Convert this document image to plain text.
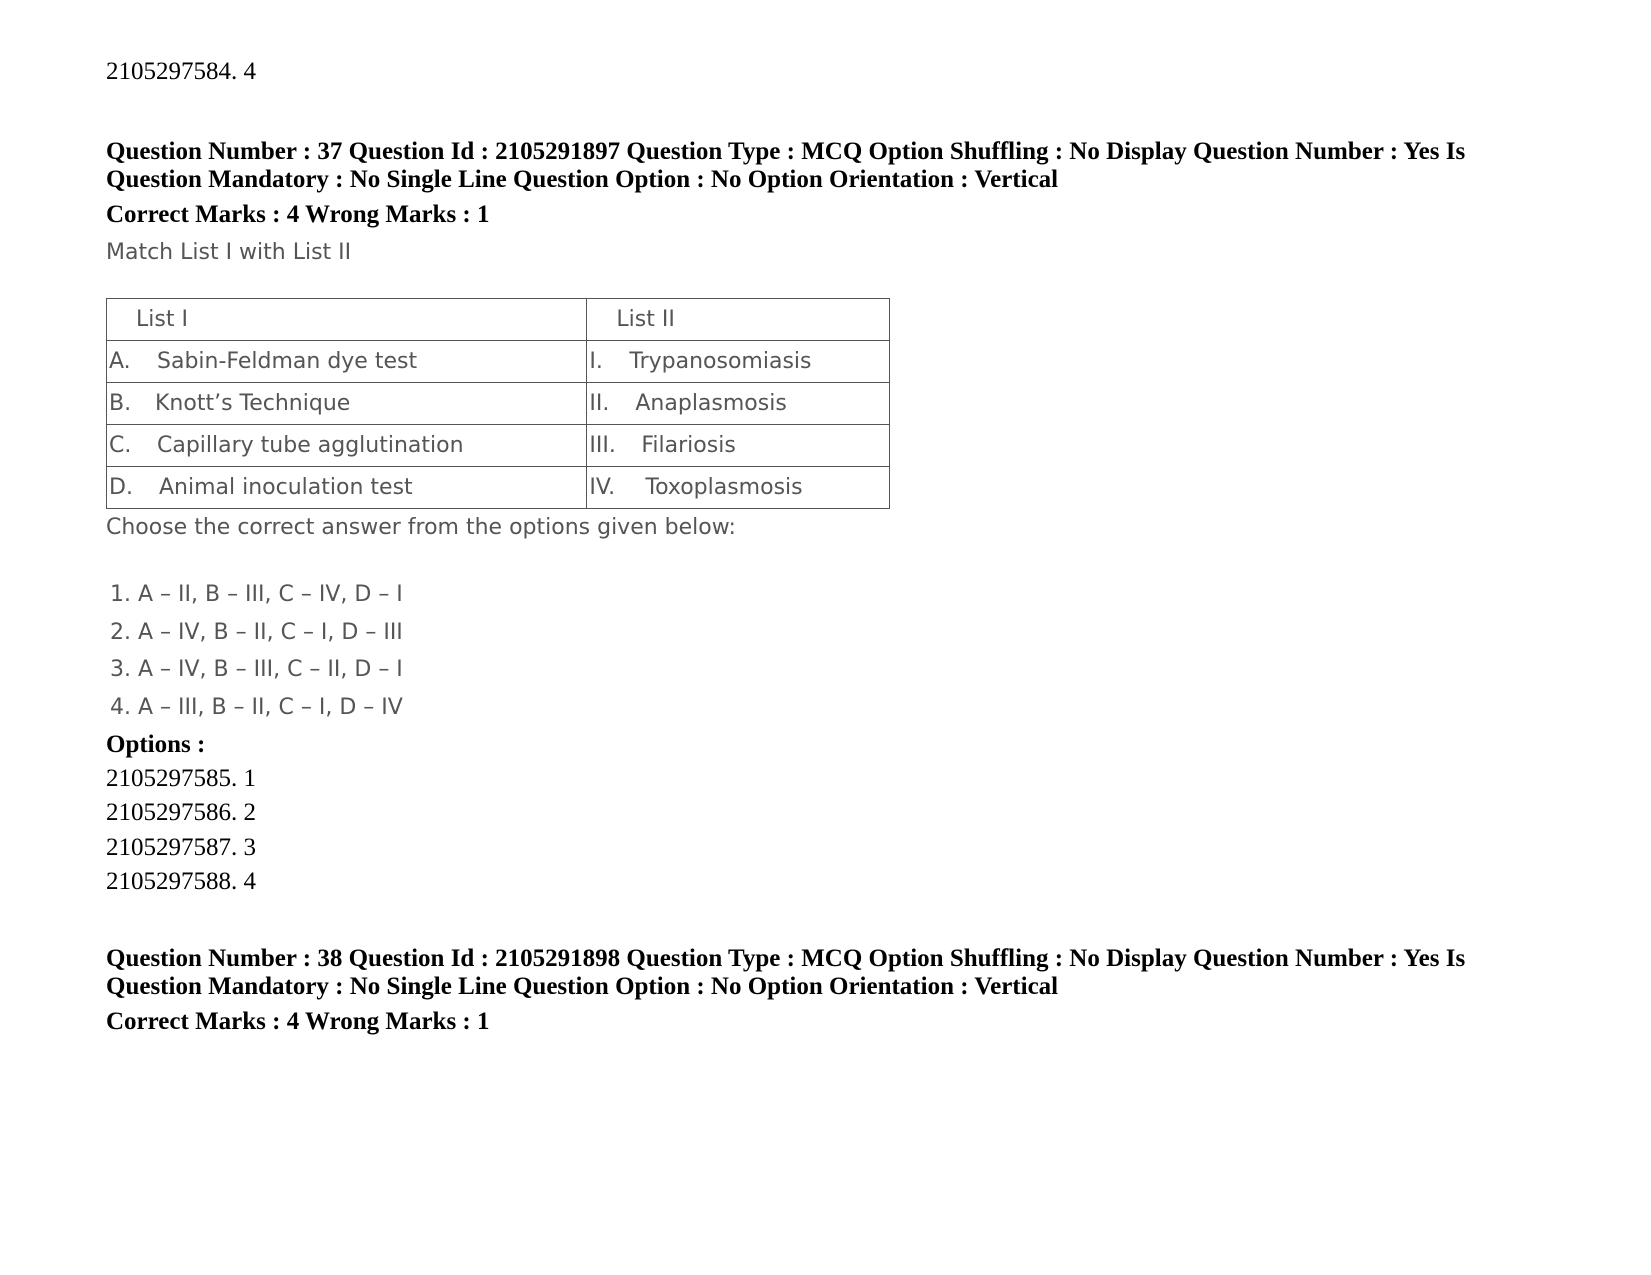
2105297584. 4
Question Number : 37 Question Id : 2105291897 Question Type : MCQ Option Shuffling : No Display Question Number : Yes Is
Question Mandatory : No Single Line Question Option : No Option Orientation : Vertical
Correct Marks : 4 Wrong Marks : 1
Match List I with List II
List I	List II
A. Sabin-Feldman dye test	I. Trypanosomiasis
B. Knott’s Technique	II. Anaplasmosis
C. Capillary tube agglutination	III. Filariosis
D. Animal inoculation test	IV. Toxoplasmosis
Choose the correct answer from the options given below:
1. A – II, B – III, C – IV, D – I
2. A – IV, B – II, C – I, D – III
3. A – IV, B – III, C – II, D – I
4. A – III, B – II, C – I, D – IV
Options :
2105297585. 1
2105297586. 2
2105297587. 3
2105297588. 4
Question Number : 38 Question Id : 2105291898 Question Type : MCQ Option Shuffling : No Display Question Number : Yes Is
Question Mandatory : No Single Line Question Option : No Option Orientation : Vertical
Correct Marks : 4 Wrong Marks : 1
